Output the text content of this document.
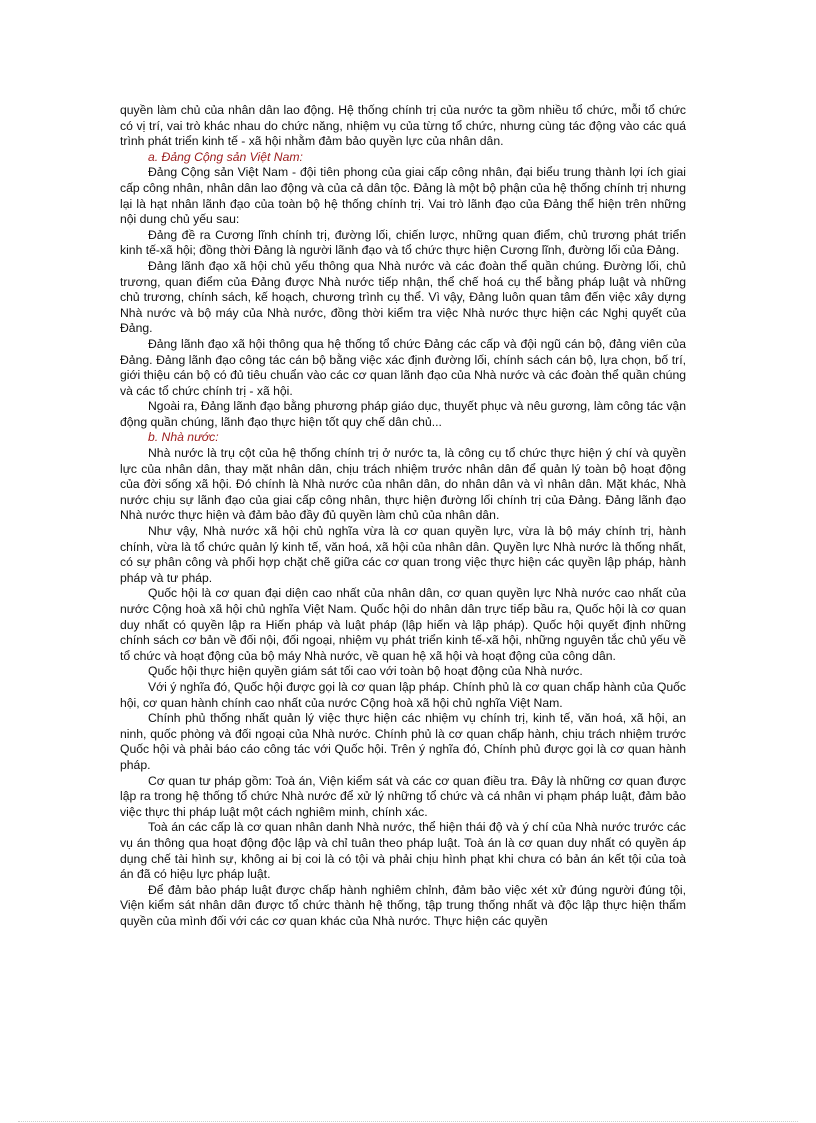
quyền làm chủ của nhân dân lao động. Hệ thống chính trị của nước ta gồm nhiều tổ chức, mỗi tổ chức có vị trí, vai trò khác nhau do chức năng, nhiệm vụ của từng tổ chức, nhưng cùng tác động vào các quá trình phát triển kinh tế - xã hội nhằm đảm bảo quyền lực của nhân dân.

a. Đảng Cộng sản Việt Nam:

Đảng Cộng sản Việt Nam - đội tiên phong của giai cấp công nhân, đại biểu trung thành lợi ích giai cấp công nhân, nhân dân lao động và của cả dân tộc. Đảng là một bộ phận của hệ thống chính trị nhưng lại là hạt nhân lãnh đạo của toàn bộ hệ thống chính trị. Vai trò lãnh đạo của Đảng thể hiện trên những nội dung chủ yếu sau:

Đảng đề ra Cương lĩnh chính trị, đường lối, chiến lược, những quan điểm, chủ trương phát triển kinh tế-xã hội; đồng thời Đảng là người lãnh đạo và tổ chức thực hiện Cương lĩnh, đường lối của Đảng.

Đảng lãnh đạo xã hội chủ yếu thông qua Nhà nước và các đoàn thể quần chúng. Đường lối, chủ trương, quan điểm của Đảng được Nhà nước tiếp nhận, thể chế hoá cụ thể bằng pháp luật và những chủ trương, chính sách, kế hoạch, chương trình cụ thể. Vì vậy, Đảng luôn quan tâm đến việc xây dựng Nhà nước và bộ máy của Nhà nước, đồng thời kiểm tra việc Nhà nước thực hiện các Nghị quyết của Đảng.

Đảng lãnh đạo xã hội thông qua hệ thống tổ chức Đảng các cấp và đội ngũ cán bộ, đảng viên của Đảng. Đảng lãnh đạo công tác cán bộ bằng việc xác định đường lối, chính sách cán bộ, lựa chọn, bố trí, giới thiệu cán bộ có đủ tiêu chuẩn vào các cơ quan lãnh đạo của Nhà nước và các đoàn thể quần chúng và các tổ chức chính trị - xã hội.

Ngoài ra, Đảng lãnh đạo bằng phương pháp giáo dục, thuyết phục và nêu gương, làm công tác vận động quần chúng, lãnh đạo thực hiện tốt quy chế dân chủ...

b. Nhà nước:

Nhà nước là trụ cột của hệ thống chính trị ở nước ta, là công cụ tổ chức thực hiện ý chí và quyền lực của nhân dân, thay mặt nhân dân, chịu trách nhiệm trước nhân dân để quản lý toàn bộ hoạt động của đời sống xã hội. Đó chính là Nhà nước của nhân dân, do nhân dân và vì nhân dân. Mặt khác, Nhà nước chịu sự lãnh đạo của giai cấp công nhân, thực hiện đường lối chính trị của Đảng. Đảng lãnh đạo Nhà nước thực hiện và đảm bảo đầy đủ quyền làm chủ của nhân dân.

Như vậy, Nhà nước xã hội chủ nghĩa vừa là cơ quan quyền lực, vừa là bộ máy chính trị, hành chính, vừa là tổ chức quản lý kinh tế, văn hoá, xã hội của nhân dân. Quyền lực Nhà nước là thống nhất, có sự phân công và phối hợp chặt chẽ giữa các cơ quan trong việc thực hiện các quyền lập pháp, hành pháp và tư pháp.

Quốc hội là cơ quan đại diện cao nhất của nhân dân, cơ quan quyền lực Nhà nước cao nhất của nước Cộng hoà xã hội chủ nghĩa Việt Nam. Quốc hội do nhân dân trực tiếp bầu ra, Quốc hội là cơ quan duy nhất có quyền lập ra Hiến pháp và luật pháp (lập hiến và lập pháp). Quốc hội quyết định những chính sách cơ bản về đối nội, đối ngoại, nhiệm vụ phát triển kinh tế-xã hội, những nguyên tắc chủ yếu về tổ chức và hoạt động của bộ máy Nhà nước, về quan hệ xã hội và hoạt động của công dân.

Quốc hội thực hiện quyền giám sát tối cao với toàn bộ hoạt động của Nhà nước.

Với ý nghĩa đó, Quốc hội được gọi là cơ quan lập pháp. Chính phủ là cơ quan chấp hành của Quốc hội, cơ quan hành chính cao nhất của nước Cộng hoà xã hội chủ nghĩa Việt Nam.

Chính phủ thống nhất quản lý việc thực hiện các nhiệm vụ chính trị, kinh tế, văn hoá, xã hội, an ninh, quốc phòng và đối ngoại của Nhà nước. Chính phủ là cơ quan chấp hành, chịu trách nhiệm trước Quốc hội và phải báo cáo công tác với Quốc hội. Trên ý nghĩa đó, Chính phủ được gọi là cơ quan hành pháp.

Cơ quan tư pháp gồm: Toà án, Viện kiểm sát và các cơ quan điều tra. Đây là những cơ quan được lập ra trong hệ thống tổ chức Nhà nước để xử lý những tổ chức và cá nhân vi phạm pháp luật, đảm bảo việc thực thi pháp luật một cách nghiêm minh, chính xác.

Toà án các cấp là cơ quan nhân danh Nhà nước, thể hiện thái độ và ý chí của Nhà nước trước các vụ án thông qua hoạt động độc lập và chỉ tuân theo pháp luật. Toà án là cơ quan duy nhất có quyền áp dụng chế tài hình sự, không ai bị coi là có tội và phải chịu hình phạt khi chưa có bản án kết tội của toà án đã có hiệu lực pháp luật.

Để đảm bảo pháp luật được chấp hành nghiêm chỉnh, đảm bảo việc xét xử đúng người đúng tội, Viện kiểm sát nhân dân được tổ chức thành hệ thống, tập trung thống nhất và độc lập thực hiện thẩm quyền của mình đối với các cơ quan khác của Nhà nước. Thực hiện các quyền
